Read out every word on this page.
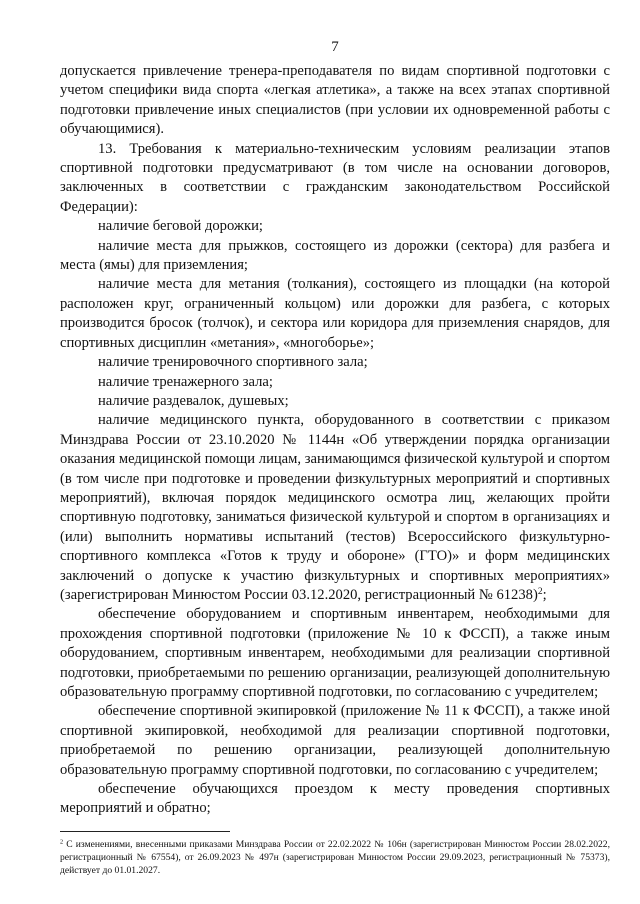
7

допускается привлечение тренера-преподавателя по видам спортивной подготовки с учетом специфики вида спорта «легкая атлетика», а также на всех этапах спортивной подготовки привлечение иных специалистов (при условии их одновременной работы с обучающимися).

13. Требования к материально-техническим условиям реализации этапов спортивной подготовки предусматривают (в том числе на основании договоров, заключенных в соответствии с гражданским законодательством Российской Федерации):

наличие беговой дорожки;

наличие места для прыжков, состоящего из дорожки (сектора) для разбега и места (ямы) для приземления;

наличие места для метания (толкания), состоящего из площадки (на которой расположен круг, ограниченный кольцом) или дорожки для разбега, с которых производится бросок (толчок), и сектора или коридора для приземления снарядов, для спортивных дисциплин «метания», «многоборье»;

наличие тренировочного спортивного зала;

наличие тренажерного зала;

наличие раздевалок, душевых;

наличие медицинского пункта, оборудованного в соответствии с приказом Минздрава России от 23.10.2020 № 1144н «Об утверждении порядка организации оказания медицинской помощи лицам, занимающимся физической культурой и спортом (в том числе при подготовке и проведении физкультурных мероприятий и спортивных мероприятий), включая порядок медицинского осмотра лиц, желающих пройти спортивную подготовку, заниматься физической культурой и спортом в организациях и (или) выполнить нормативы испытаний (тестов) Всероссийского физкультурно-спортивного комплекса «Готов к труду и обороне» (ГТО)» и форм медицинских заключений о допуске к участию физкультурных и спортивных мероприятиях» (зарегистрирован Минюстом России 03.12.2020, регистрационный № 61238)$^2$;

обеспечение оборудованием и спортивным инвентарем, необходимыми для прохождения спортивной подготовки (приложение № 10 к ФССП), а также иным оборудованием, спортивным инвентарем, необходимыми для реализации спортивной подготовки, приобретаемыми по решению организации, реализующей дополнительную образовательную программу спортивной подготовки, по согласованию с учредителем;

обеспечение спортивной экипировкой (приложение № 11 к ФССП), а также иной спортивной экипировкой, необходимой для реализации спортивной подготовки, приобретаемой по решению организации, реализующей дополнительную образовательную программу спортивной подготовки, по согласованию с учредителем;

обеспечение обучающихся проездом к месту проведения спортивных мероприятий и обратно;

$^2$ С изменениями, внесенными приказами Минздрава России от 22.02.2022 № 106н (зарегистрирован Минюстом России 28.02.2022, регистрационный № 67554), от 26.09.2023 № 497н (зарегистрирован Минюстом России 29.09.2023, регистрационный № 75373), действует до 01.01.2027.
